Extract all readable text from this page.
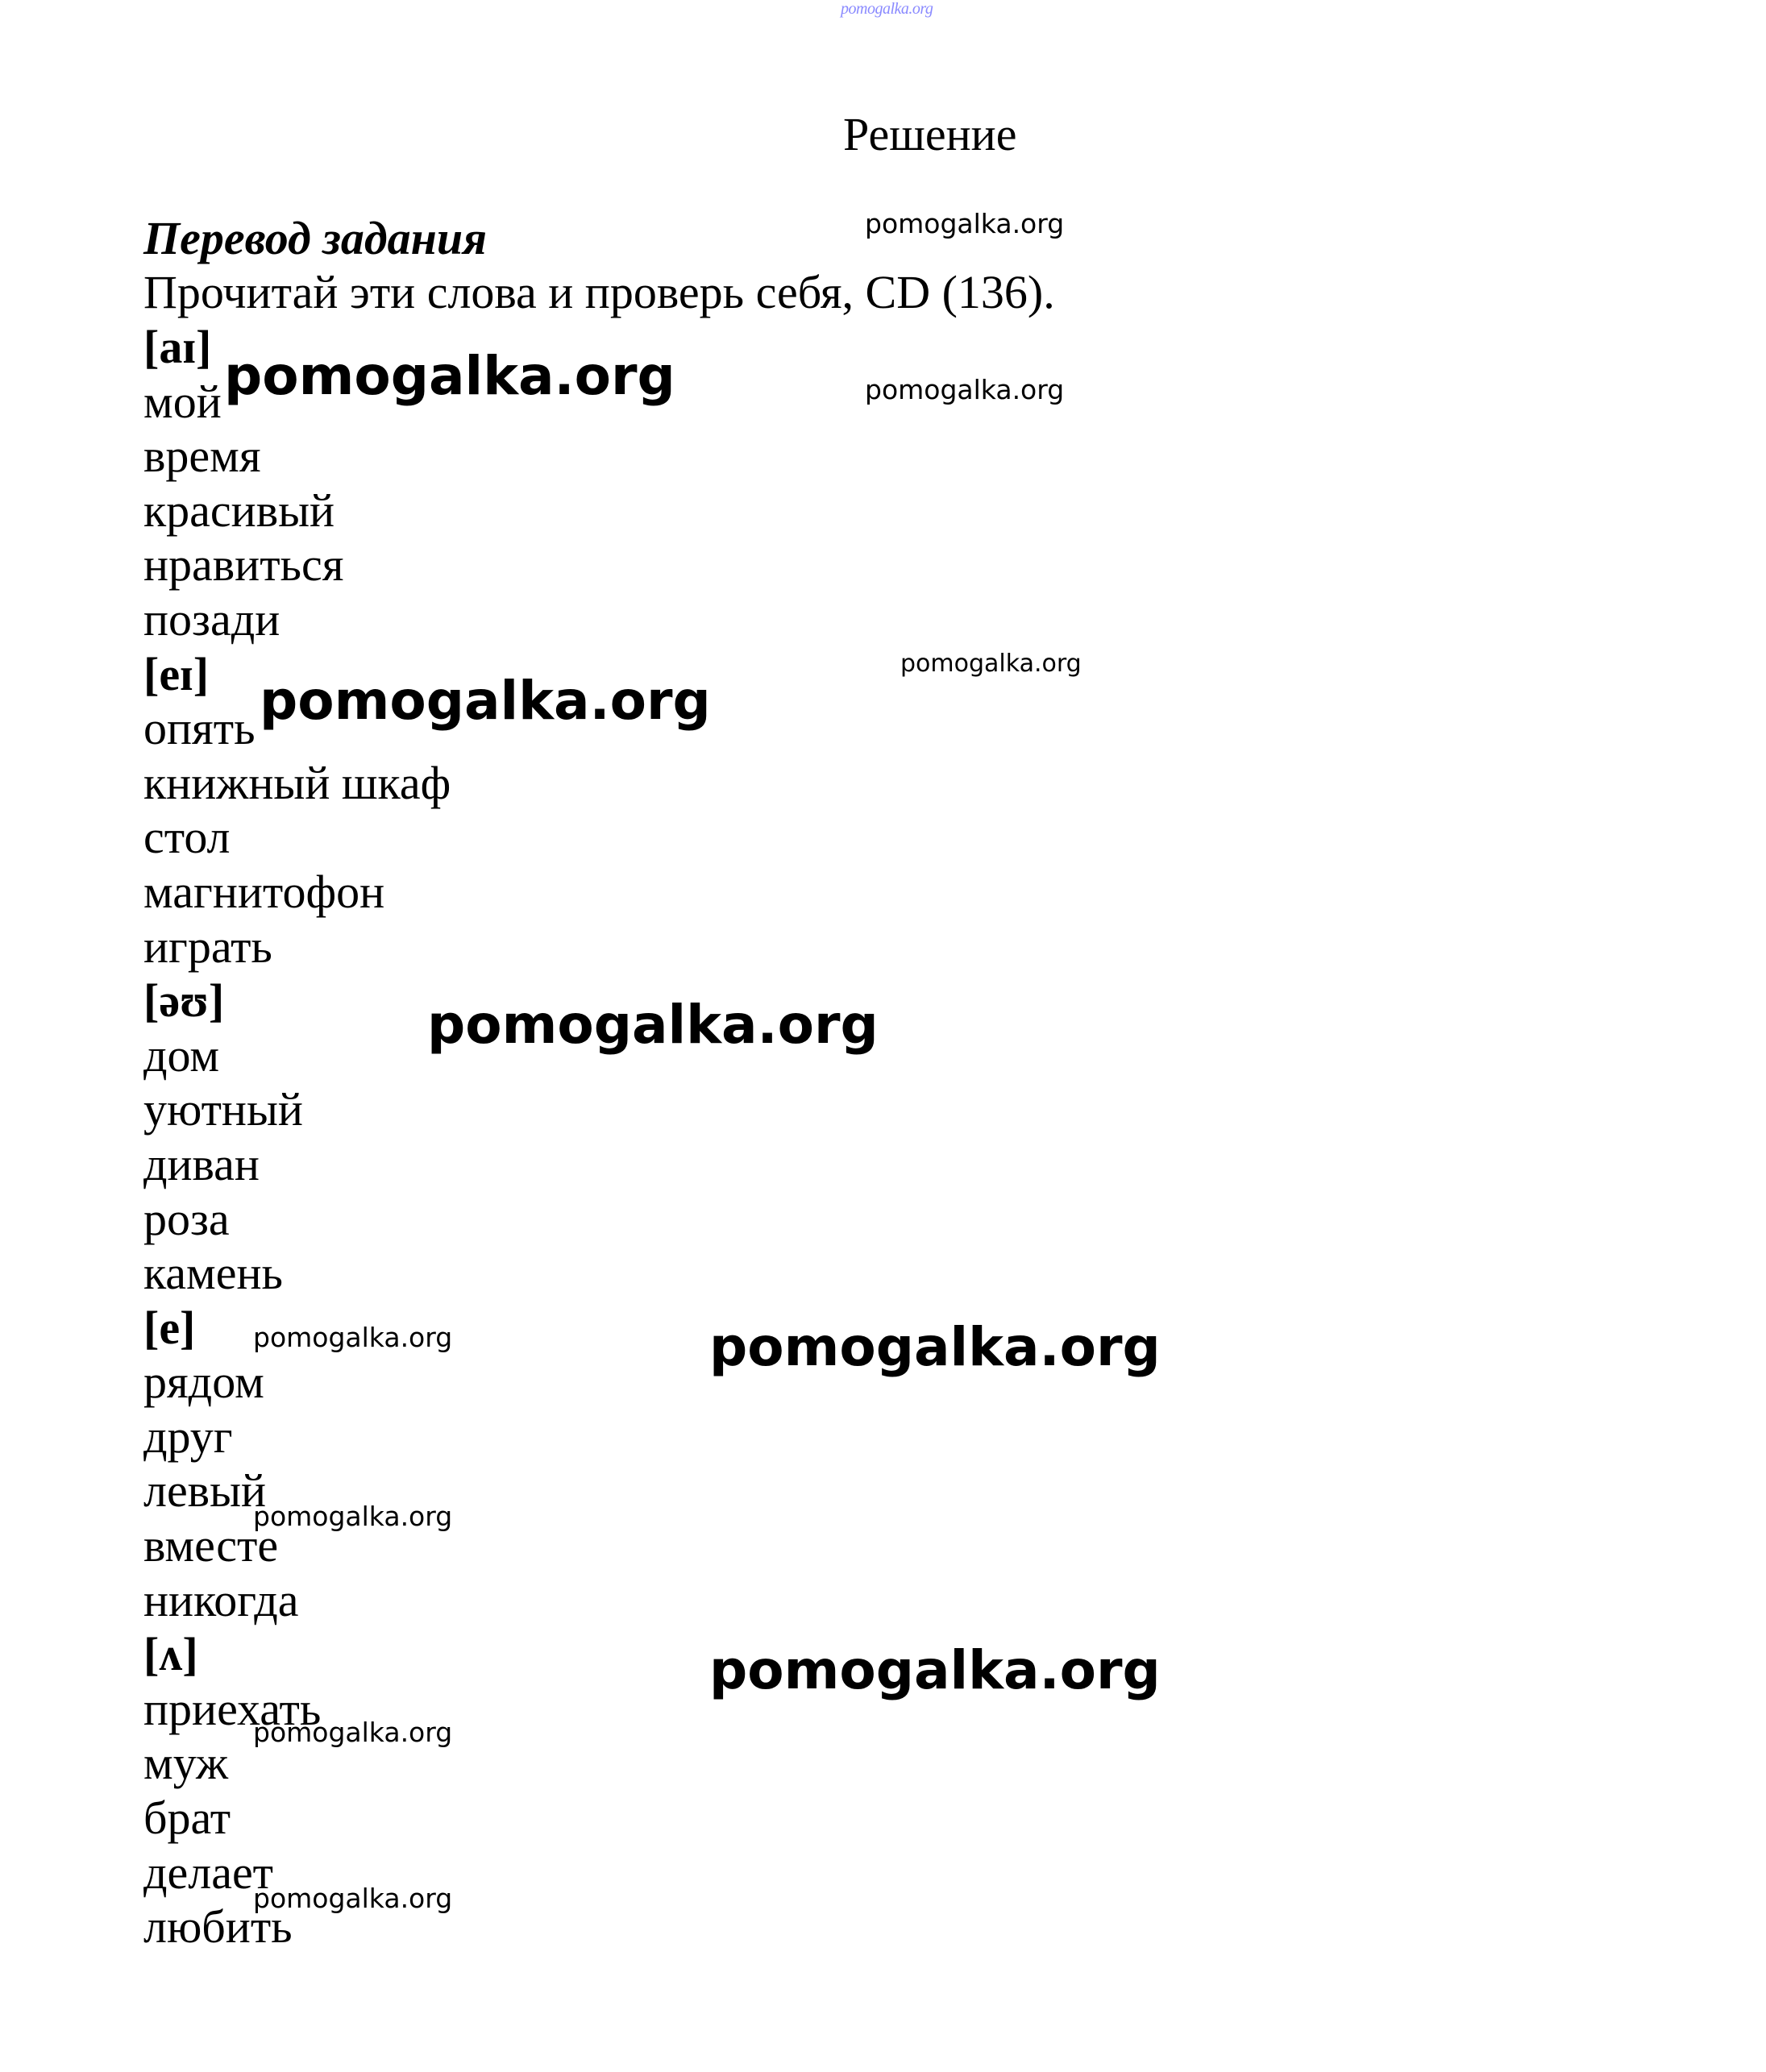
pomogalka.org
Решение
Перевод задания
Прочитай эти слова и проверь себя, CD (136).
[aɪ]
мой
время
красивый
нравиться
позади
[eɪ]
опять
книжный шкаф
стол
магнитофон
играть
[əʊ]
дом
уютный
диван
роза
камень
[e]
рядом
друг
левый
вместе
никогда
[ʌ]
приехать
муж
брат
делает
любить
pomogalka.org
pomogalka.org	pomogalka.org
pomogalka.org
pomogalka.org
pomogalka.org
pomogalka.org	pomogalka.org
pomogalka.org
pomogalka.org
pomogalka.org
pomogalka.org
